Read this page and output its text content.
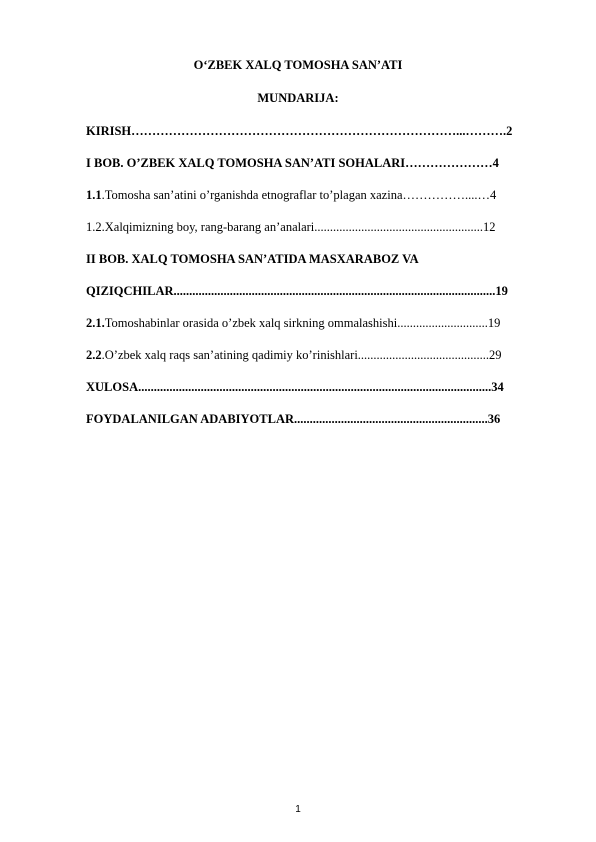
O‘ZBEK XALQ TOMOSHA SAN’ATI
MUNDARIJA:
KIRISH……………………………………………………………………...……….2
I BOB. O’ZBEK XALQ TOMOSHA SAN’ATI SOHALARI…………………4
1.1.Tomosha san’atini o’rganishda etnograflar to’plagan xazina……………....…4
1.2.Xalqimizning boy, rang-barang an’analari......................................................12
II BOB. XALQ TOMOSHA SAN’ATIDA MASXARABOZ VA
QIZIQCHILAR.......................................................................................................19
2.1.Tomoshabinlar orasida o’zbek xalq sirkning ommalashishi.............................19
2.2.O’zbek xalq raqs san’atining qadimiy ko’rinishlari..........................................29
XULOSA.................................................................................................................34
FOYDALANILGAN ADABIYOTLAR..............................................................36
1
